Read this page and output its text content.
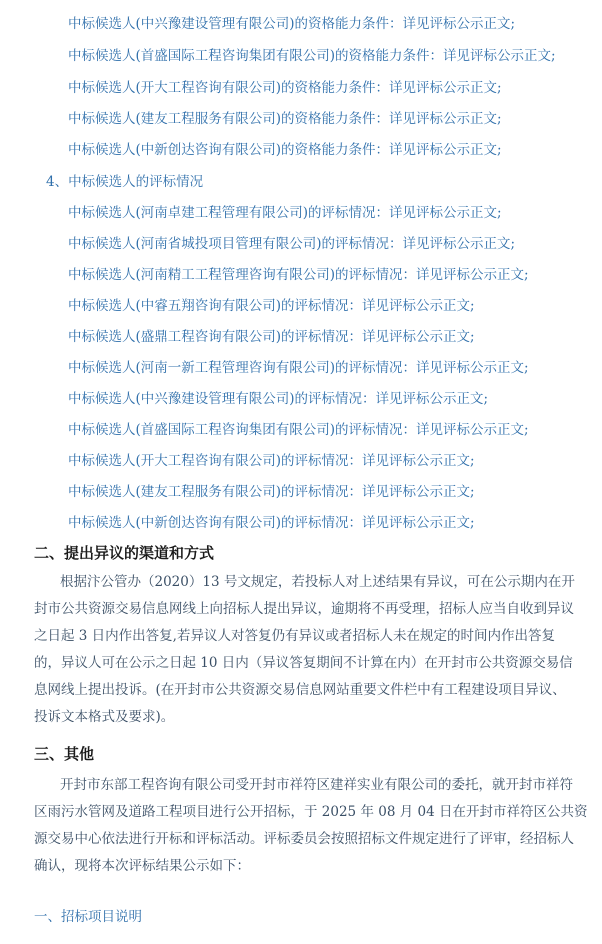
中标候选人(中兴豫建设管理有限公司)的资格能力条件：详见评标公示正文;
中标候选人(首盛国际工程咨询集团有限公司)的资格能力条件：详见评标公示正文;
中标候选人(开大工程咨询有限公司)的资格能力条件：详见评标公示正文;
中标候选人(建友工程服务有限公司)的资格能力条件：详见评标公示正文;
中标候选人(中新创达咨询有限公司)的资格能力条件：详见评标公示正文;
4、中标候选人的评标情况
中标候选人(河南卓建工程管理有限公司)的评标情况：详见评标公示正文;
中标候选人(河南省城投项目管理有限公司)的评标情况：详见评标公示正文;
中标候选人(河南精工工程管理咨询有限公司)的评标情况：详见评标公示正文;
中标候选人(中睿五翔咨询有限公司)的评标情况：详见评标公示正文;
中标候选人(盛鼎工程咨询有限公司)的评标情况：详见评标公示正文;
中标候选人(河南一新工程管理咨询有限公司)的评标情况：详见评标公示正文;
中标候选人(中兴豫建设管理有限公司)的评标情况：详见评标公示正文;
中标候选人(首盛国际工程咨询集团有限公司)的评标情况：详见评标公示正文;
中标候选人(开大工程咨询有限公司)的评标情况：详见评标公示正文;
中标候选人(建友工程服务有限公司)的评标情况：详见评标公示正文;
中标候选人(中新创达咨询有限公司)的评标情况：详见评标公示正文;
二、提出异议的渠道和方式
根据汴公管办（2020）13 号文规定，若投标人对上述结果有异议，可在公示期内在开
封市公共资源交易信息网线上向招标人提出异议，逾期将不再受理，招标人应当自收到异议
之日起 3 日内作出答复,若异议人对答复仍有异议或者招标人未在规定的时间内作出答复
的，异议人可在公示之日起 10 日内（异议答复期间不计算在内）在开封市公共资源交易信
息网线上提出投诉。(在开封市公共资源交易信息网站重要文件栏中有工程建设项目异议、
投诉文本格式及要求)。
三、其他
开封市东部工程咨询有限公司受开封市祥符区建祥实业有限公司的委托，就开封市祥符
区雨污水管网及道路工程项目进行公开招标，于 2025 年 08 月 04 日在开封市祥符区公共资
源交易中心依法进行开标和评标活动。评标委员会按照招标文件规定进行了评审，经招标人
确认，现将本次评标结果公示如下：
一、招标项目说明
